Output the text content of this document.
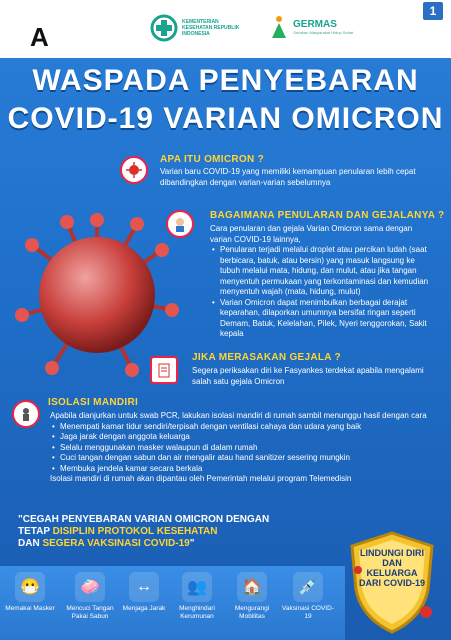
A
1
KEMENTERIAN KESEHATAN REPUBLIK INDONESIA
GERMAS
Gerakan Masyarakat Hidup Sehat
WASPADA PENYEBARAN
COVID-19 VARIAN OMICRON
APA ITU OMICRON ?
Varian baru COVID-19 yang memiliki kemampuan penularan lebih cepat dibandingkan dengan varian-varian sebelumnya
BAGAIMANA PENULARAN DAN GEJALANYA ?
Cara penularan dan gejala Varian Omicron sama dengan varian COVID-19 lainnya,
• Penularan terjadi melalui droplet atau percikan ludah (saat berbicara, batuk, atau bersin) yang masuk langsung ke tubuh melalui mata, hidung, dan mulut, atau jika tangan menyentuh permukaan yang terkontaminasi dan kemudian menyentuh wajah (mata, hidung, mulut)
• Varian Omicron dapat menimbulkan berbagai derajat keparahan, dilaporkan umumnya bersifat ringan seperti Demam, Batuk, Kelelahan, Pilek, Nyeri tenggorokan, Sakit kepala
JIKA MERASAKAN GEJALA ?
Segera periksakan diri ke Fasyankes terdekat apabila mengalami salah satu gejala Omicron
ISOLASI MANDIRI
Apabila dianjurkan untuk swab PCR, lakukan isolasi mandiri di rumah sambil menunggu hasil dengan cara
• Menempati kamar tidur sendiri/terpisah dengan ventilasi cahaya dan udara yang baik
• Jaga jarak dengan anggota keluarga
• Selalu menggunakan masker walaupun di dalam rumah
• Cuci tangan dengan sabun dan air mengalir atau hand sanitizer sesering mungkin
• Membuka jendela kamar secara berkala
Isolasi mandiri di rumah akan dipantau oleh Pemerintah melalui program Telemedisin
"CEGAH PENYEBARAN VARIAN OMICRON DENGAN
TETAP DISIPLIN PROTOKOL KESEHATAN
DAN SEGERA VAKSINASI COVID-19"
LINDUNGI DIRI DAN KELUARGA DARI COVID-19
😷
Memakai Masker
🧼
Mencuci Tangan Pakai Sabun
↔
Menjaga Jarak
👥
Menghindari Kerumunan
🏠
Mengurangi Mobilitas
💉
Vaksinasi COVID-19
